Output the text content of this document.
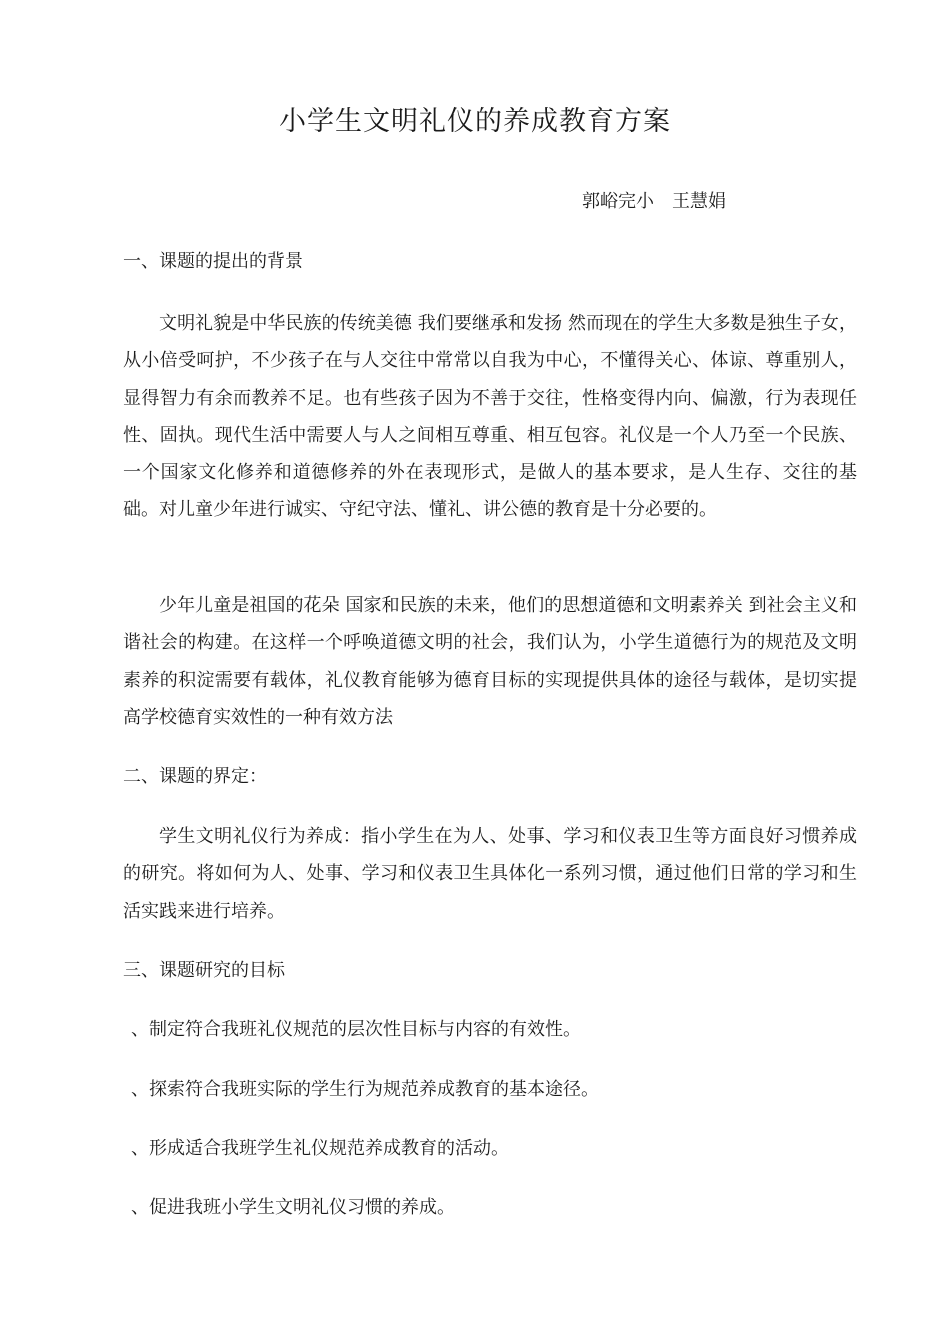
小学生文明礼仪的养成教育方案
郭峪完小　王慧娟
一、课题的提出的背景
文明礼貌是中华民族的传统美德 我们要继承和发扬 然而现在的学生大多数是独生子女，从小倍受呵护，不少孩子在与人交往中常常以自我为中心，不懂得关心、体谅、尊重别人，显得智力有余而教养不足。也有些孩子因为不善于交往，性格变得内向、偏激，行为表现任性、固执。现代生活中需要人与人之间相互尊重、相互包容。礼仪是一个人乃至一个民族、一个国家文化修养和道德修养的外在表现形式，是做人的基本要求，是人生存、交往的基础。对儿童少年进行诚实、守纪守法、懂礼、讲公德的教育是十分必要的。
少年儿童是祖国的花朵 国家和民族的未来，他们的思想道德和文明素养关 到社会主义和谐社会的构建。在这样一个呼唤道德文明的社会，我们认为，小学生道德行为的规范及文明素养的积淀需要有载体，礼仪教育能够为德育目标的实现提供具体的途径与载体，是切实提高学校德育实效性的一种有效方法
二、课题的界定：
学生文明礼仪行为养成：指小学生在为人、处事、学习和仪表卫生等方面良好习惯养成的研究。将如何为人、处事、学习和仪表卫生具体化一系列习惯，通过他们日常的学习和生活实践来进行培养。
三、课题研究的目标
、制定符合我班礼仪规范的层次性目标与内容的有效性。
、探索符合我班实际的学生行为规范养成教育的基本途径。
、形成适合我班学生礼仪规范养成教育的活动。
、促进我班小学生文明礼仪习惯的养成。
